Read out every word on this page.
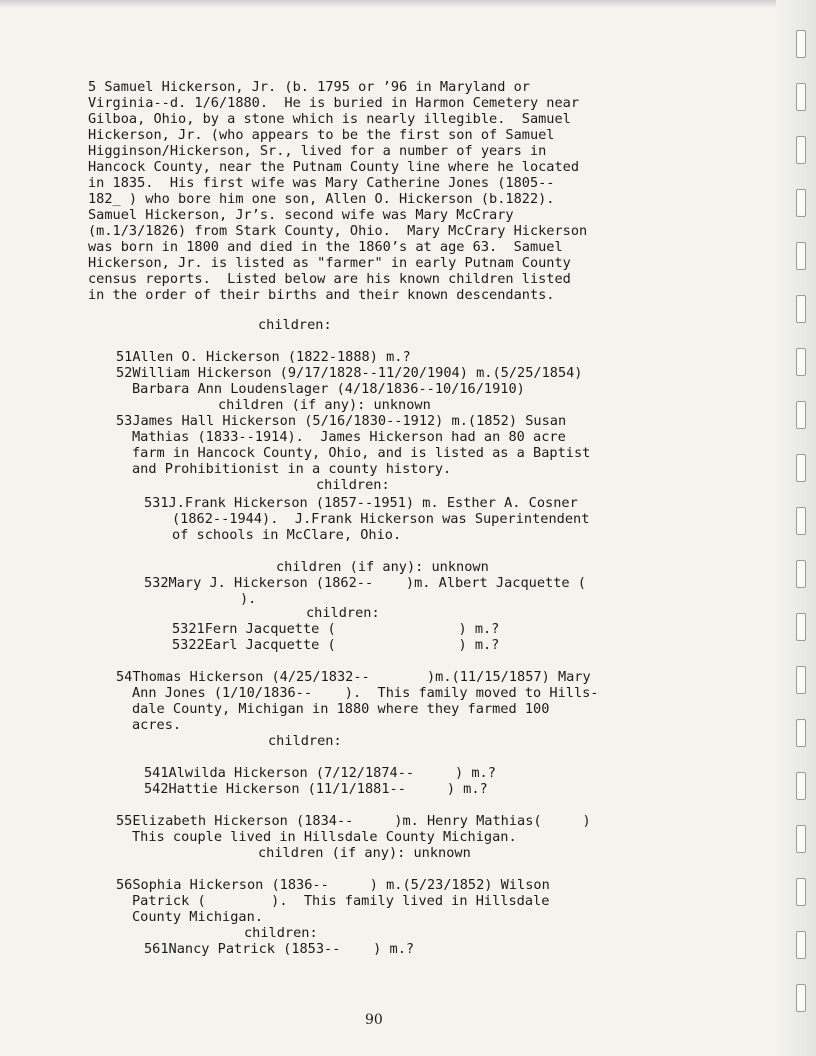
5 Samuel Hickerson, Jr. (b. 1795 or ’96 in Maryland or
Virginia--d. 1/6/1880.  He is buried in Harmon Cemetery near
Gilboa, Ohio, by a stone which is nearly illegible.  Samuel
Hickerson, Jr. (who appears to be the first son of Samuel
Higginson/Hickerson, Sr., lived for a number of years in
Hancock County, near the Putnam County line where he located
in 1835.  His first wife was Mary Catherine Jones (1805--
182_ ) who bore him one son, Allen O. Hickerson (b.1822).
Samuel Hickerson, Jr’s. second wife was Mary McCrary
(m.1/3/1826) from Stark County, Ohio.  Mary McCrary Hickerson
was born in 1800 and died in the 1860’s at age 63.  Samuel
Hickerson, Jr. is listed as "farmer" in early Putnam County
census reports.  Listed below are his known children listed
in the order of their births and their known descendants.
children:
51Allen O. Hickerson (1822-1888) m.?
52William Hickerson (9/17/1828--11/20/1904) m.(5/25/1854)
Barbara Ann Loudenslager (4/18/1836--10/16/1910)
children (if any): unknown
53James Hall Hickerson (5/16/1830--1912) m.(1852) Susan
Mathias (1833--1914).  James Hickerson had an 80 acre
farm in Hancock County, Ohio, and is listed as a Baptist
and Prohibitionist in a county history.
children:
531J.Frank Hickerson (1857--1951) m. Esther A. Cosner
(1862--1944).  J.Frank Hickerson was Superintendent
of schools in McClare, Ohio.
children (if any): unknown
532Mary J. Hickerson (1862--    )m. Albert Jacquette (
).
children:
5321Fern Jacquette (               ) m.?
5322Earl Jacquette (               ) m.?
54Thomas Hickerson (4/25/1832--       )m.(11/15/1857) Mary
Ann Jones (1/10/1836--    ).  This family moved to Hills-
dale County, Michigan in 1880 where they farmed 100
acres.
children:
541Alwilda Hickerson (7/12/1874--     ) m.?
542Hattie Hickerson (11/1/1881--     ) m.?
55Elizabeth Hickerson (1834--     )m. Henry Mathias(     )
This couple lived in Hillsdale County Michigan.
children (if any): unknown
56Sophia Hickerson (1836--     ) m.(5/23/1852) Wilson
Patrick (        ).  This family lived in Hillsdale
County Michigan.
children:
561Nancy Patrick (1853--    ) m.?
90
